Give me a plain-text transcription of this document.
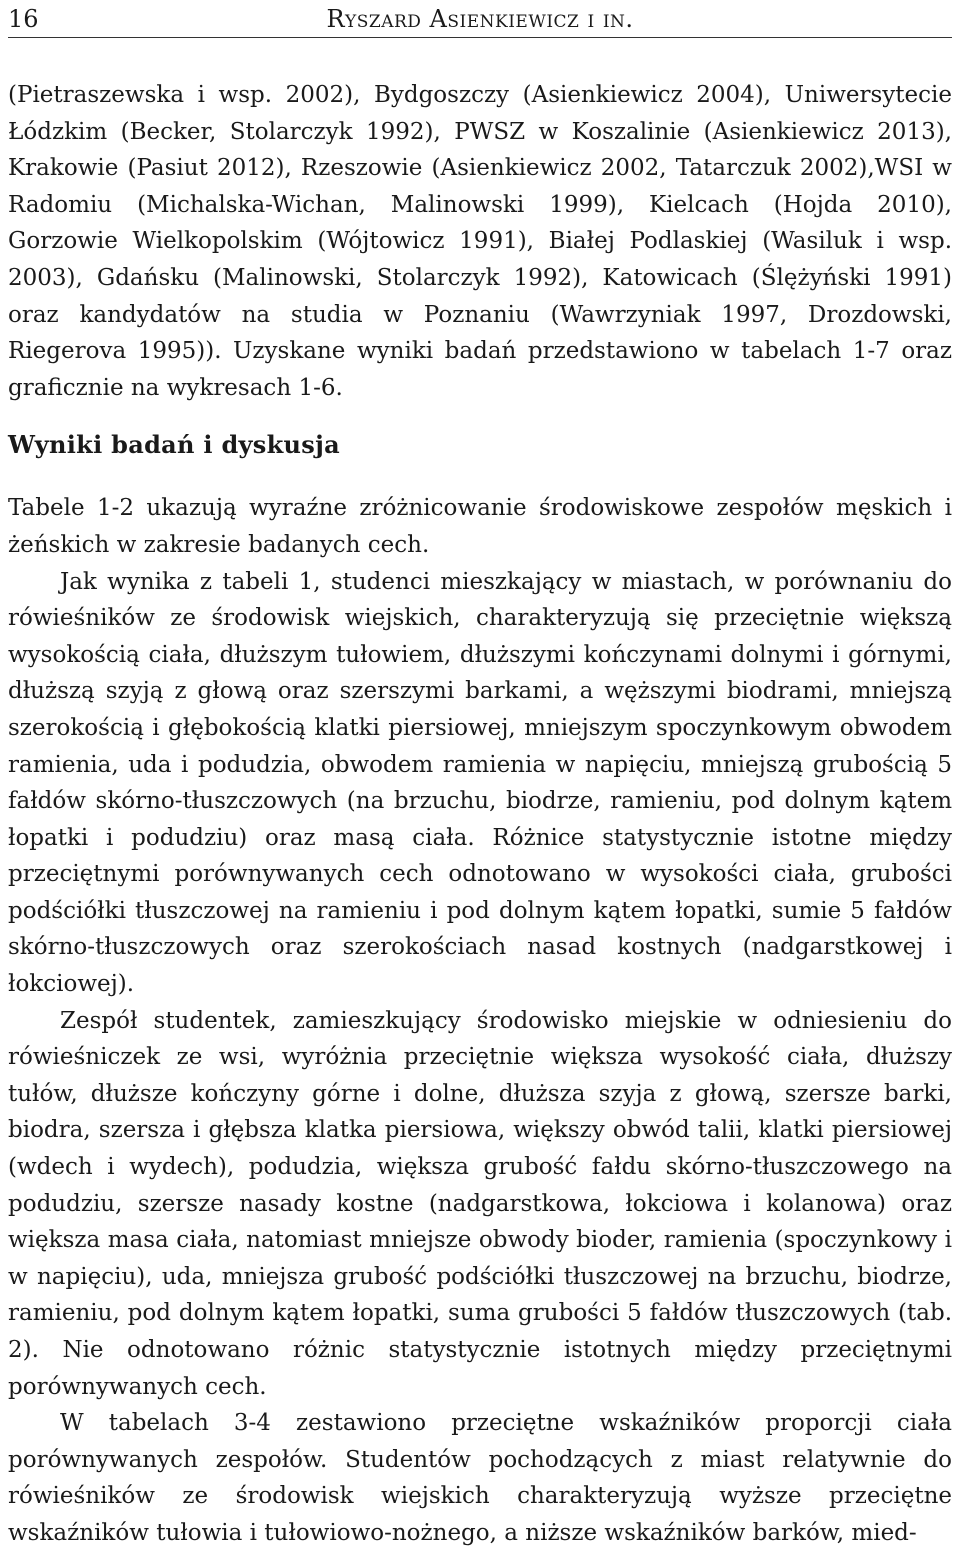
16	Ryszard Asienkiewicz i in.

(Pietraszewska i wsp. 2002), Bydgoszczy (Asienkiewicz 2004), Uniwersytecie Łódzkim (Becker, Stolarczyk 1992), PWSZ w Koszalinie (Asienkiewicz 2013), Krakowie (Pasiut 2012), Rzeszowie (Asienkiewicz 2002, Tatarczuk 2002),WSI w Radomiu (Michalska-Wichan, Malinowski 1999), Kielcach (Hojda 2010), Gorzowie Wielkopolskim (Wójtowicz 1991), Białej Podlaskiej (Wasiluk i wsp. 2003), Gdańsku (Malinowski, Stolarczyk 1992), Katowicach (Ślężyński 1991) oraz kandydatów na studia w Poznaniu (Wawrzyniak 1997, Drozdowski, Riegerova 1995)). Uzyskane wyniki badań przedstawiono w tabelach 1-7 oraz graficznie na wykresach 1-6.

Wyniki badań i dyskusja

Tabele 1-2 ukazują wyraźne zróżnicowanie środowiskowe zespołów męskich i żeńskich w zakresie badanych cech.

Jak wynika z tabeli 1, studenci mieszkający w miastach, w porównaniu do rówieśników ze środowisk wiejskich, charakteryzują się przeciętnie większą wysokością ciała, dłuższym tułowiem, dłuższymi kończynami dolnymi i górnymi, dłuższą szyją z głową oraz szerszymi barkami, a węższymi biodrami, mniejszą szerokością i głębokością klatki piersiowej, mniejszym spoczynkowym obwodem ramienia, uda i podudzia, obwodem ramienia w napięciu, mniejszą grubością 5 fałdów skórno-tłuszczowych (na brzuchu, biodrze, ramieniu, pod dolnym kątem łopatki i podudziu) oraz masą ciała. Różnice statystycznie istotne między przeciętnymi porównywanych cech odnotowano w wysokości ciała, grubości podściółki tłuszczowej na ramieniu i pod dolnym kątem łopatki, sumie 5 fałdów skórno-tłuszczowych oraz szerokościach nasad kostnych (nadgarstkowej i łokciowej).

Zespół studentek, zamieszkujący środowisko miejskie w odniesieniu do rówieśniczek ze wsi, wyróżnia przeciętnie większa wysokość ciała, dłuższy tułów, dłuższe kończyny górne i dolne, dłuższa szyja z głową, szersze barki, biodra, szersza i głębsza klatka piersiowa, większy obwód talii, klatki piersiowej (wdech i wydech), podudzia, większa grubość fałdu skórno-tłuszczowego na podudziu, szersze nasady kostne (nadgarstkowa, łokciowa i kolanowa) oraz większa masa ciała, natomiast mniejsze obwody bioder, ramienia (spoczynkowy i w napięciu), uda, mniejsza grubość podściółki tłuszczowej na brzuchu, biodrze, ramieniu, pod dolnym kątem łopatki, suma grubości 5 fałdów tłuszczowych (tab. 2). Nie odnotowano różnic statystycznie istotnych między przeciętnymi porównywanych cech.

W tabelach 3-4 zestawiono przeciętne wskaźników proporcji ciała porównywanych zespołów. Studentów pochodzących z miast relatywnie do rówieśników ze środowisk wiejskich charakteryzują wyższe przeciętne wskaźników tułowia i tułowiowo-nożnego, a niższe wskaźników barków, mied-
